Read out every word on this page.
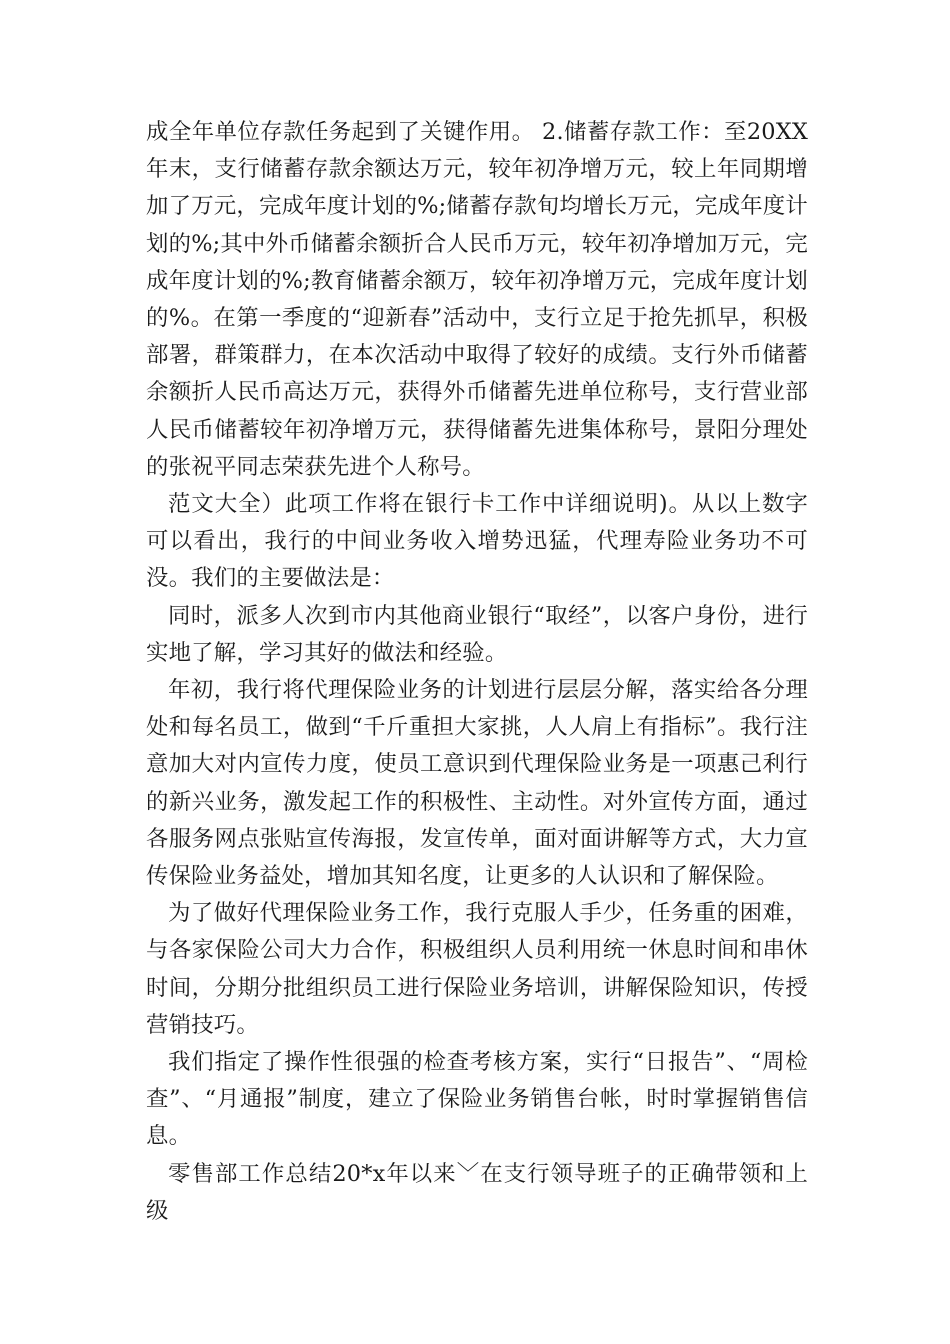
成全年单位存款任务起到了关键作用。 2.储蓄存款工作：至20XX年末，支行储蓄存款余额达万元，较年初净增万元，较上年同期增加了万元，完成年度计划的%;储蓄存款旬均增长万元，完成年度计划的%;其中外币储蓄余额折合人民币万元，较年初净增加万元，完成年度计划的%;教育储蓄余额万，较年初净增万元，完成年度计划的%。在第一季度的“迎新春”活动中，支行立足于抢先抓早，积极部署，群策群力，在本次活动中取得了较好的成绩。支行外币储蓄余额折人民币高达万元，获得外币储蓄先进单位称号，支行营业部人民币储蓄较年初净增万元，获得储蓄先进集体称号，景阳分理处的张祝平同志荣获先进个人称号。

范文大全）此项工作将在银行卡工作中详细说明)。从以上数字可以看出，我行的中间业务收入增势迅猛，代理寿险业务功不可没。我们的主要做法是：

同时，派多人次到市内其他商业银行“取经”，以客户身份，进行实地了解，学习其好的做法和经验。

年初，我行将代理保险业务的计划进行层层分解，落实给各分理处和每名员工，做到“千斤重担大家挑，人人肩上有指标”。我行注意加大对内宣传力度，使员工意识到代理保险业务是一项惠己利行的新兴业务，激发起工作的积极性、主动性。对外宣传方面，通过各服务网点张贴宣传海报，发宣传单，面对面讲解等方式，大力宣传保险业务益处，增加其知名度，让更多的人认识和了解保险。

为了做好代理保险业务工作，我行克服人手少，任务重的困难，与各家保险公司大力合作，积极组织人员利用统一休息时间和串休时间，分期分批组织员工进行保险业务培训，讲解保险知识，传授营销技巧。

我们指定了操作性很强的检查考核方案，实行“日报告”、“周检查”、“月通报”制度，建立了保险业务销售台帐，时时掌握销售信息。

零售部工作总结20*x年以来﹀在支行领导班子的正确带领和上级
